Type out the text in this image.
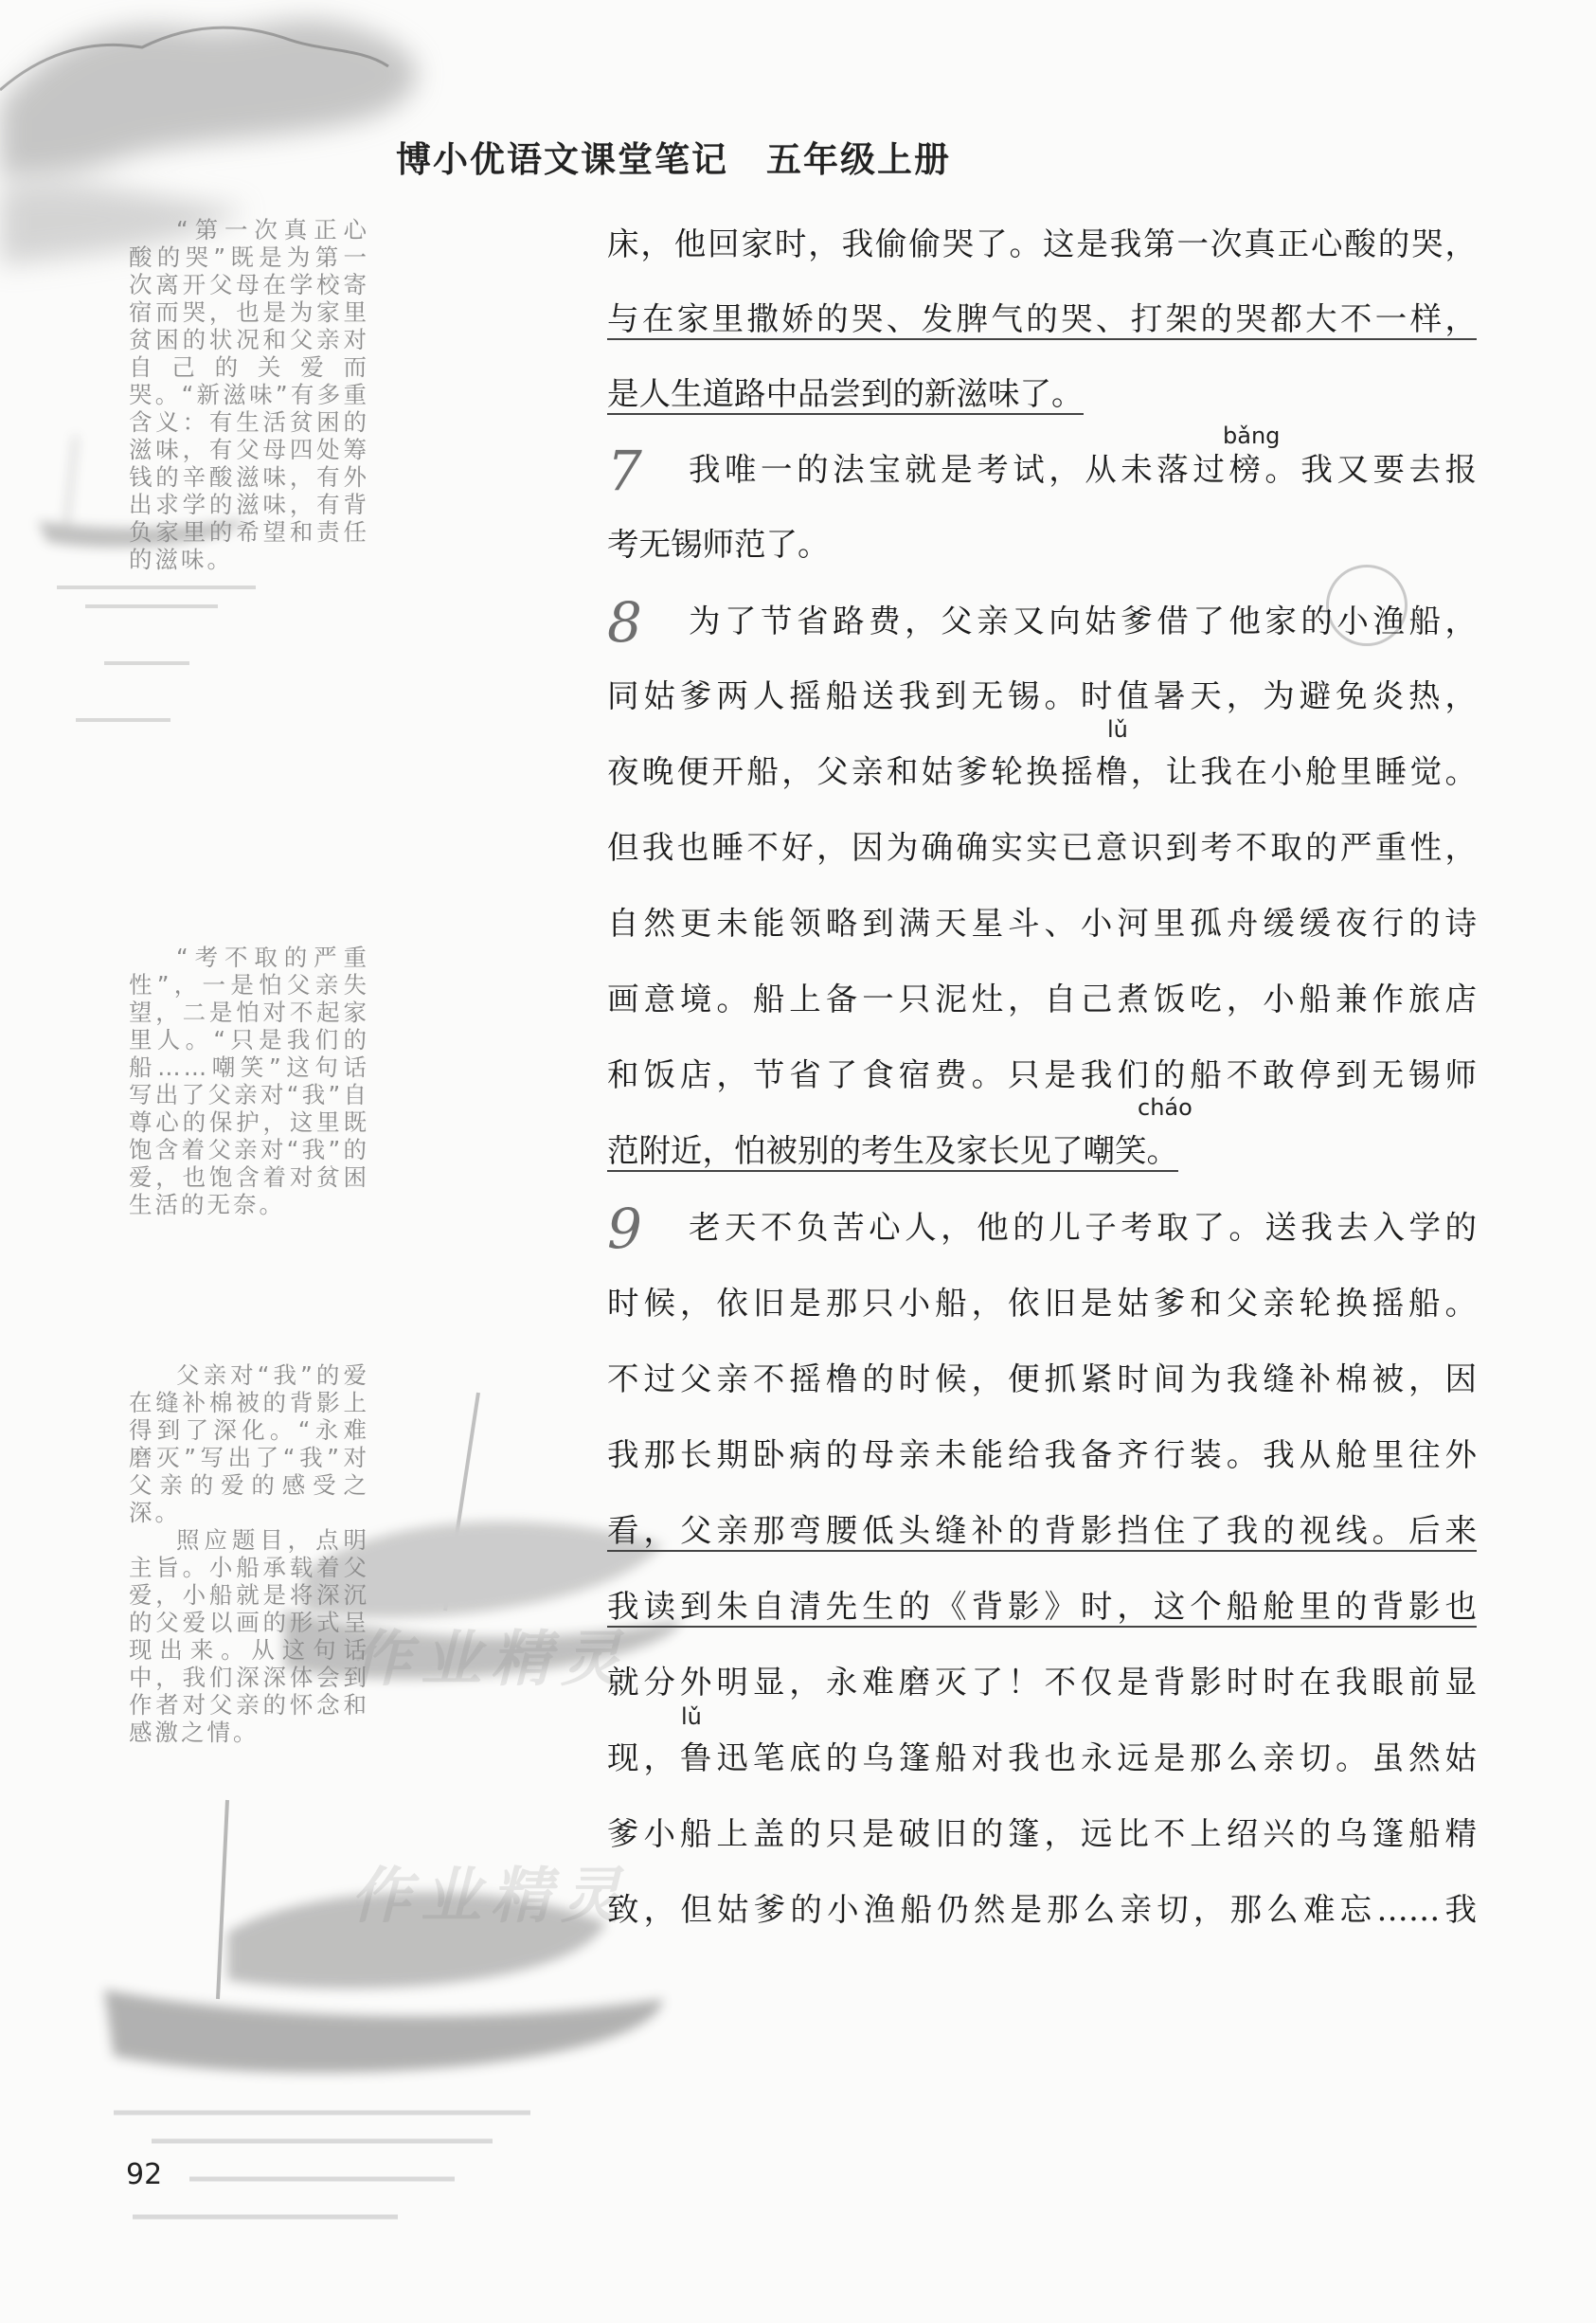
博小优语文课堂笔记 五年级上册

“第一次真正心酸的哭”既是为第一次离开父母在学校寄宿而哭，也是为家里贫困的状况和父亲对自己的关爱而哭。“新滋味”有多重含义：有生活贫困的滋味，有父母四处筹钱的辛酸滋味，有外出求学的滋味，有背负家里的希望和责任的滋味。

“考不取的严重性”，一是怕父亲失望，二是怕对不起家里人。“只是我们的船……嘲笑”这句话写出了父亲对“我”自尊心的保护，这里既饱含着父亲对“我”的爱，也饱含着对贫困生活的无奈。

父亲对“我”的爱在缝补棉被的背影上得到了深化。“永难磨灭”写出了“我”对父亲的爱的感受之深。

照应题目，点明主旨。小船承载着父爱，小船就是将深沉的父爱以画的形式呈现出来。从这句话中，我们深深体会到作者对父亲的怀念和感激之情。

作业精灵
作业精灵
床，他回家时，我偷偷哭了。这是我第一次真正心酸的哭，
与在家里撒娇的哭、发脾气的哭、打架的哭都大不一样，
是人生道路中品尝到的新滋味了。
7
bǎng
我唯一的法宝就是考试，从未落过榜。我又要去报
考无锡师范了。
8 为了节省路费，父亲又向姑爹借了他家的小渔船，
同姑爹两人摇船送我到无锡。时值暑天，为避免炎热，
lǔ
夜晚便开船，父亲和姑爹轮换摇橹，让我在小舱里睡觉。
但我也睡不好，因为确确实实已意识到考不取的严重性，
自然更未能领略到满天星斗、小河里孤舟缓缓夜行的诗
画意境。船上备一只泥灶，自己煮饭吃，小船兼作旅店
和饭店，节省了食宿费。只是我们的船不敢停到无锡师
cháo
范附近，怕被别的考生及家长见了嘲笑。
9 老天不负苦心人，他的儿子考取了。送我去入学的
时候，依旧是那只小船，依旧是姑爹和父亲轮换摇船。
不过父亲不摇橹的时候，便抓紧时间为我缝补棉被，因
我那长期卧病的母亲未能给我备齐行装。我从舱里往外
看，父亲那弯腰低头缝补的背影挡住了我的视线。后来
我读到朱自清先生的《背影》时，这个船舱里的背影也
就分外明显，永难磨灭了！不仅是背影时时在我眼前显
lǔ
现，鲁迅笔底的乌篷船对我也永远是那么亲切。虽然姑
爹小船上盖的只是破旧的篷，远比不上绍兴的乌篷船精
致，但姑爹的小渔船仍然是那么亲切，那么难忘……我
92
